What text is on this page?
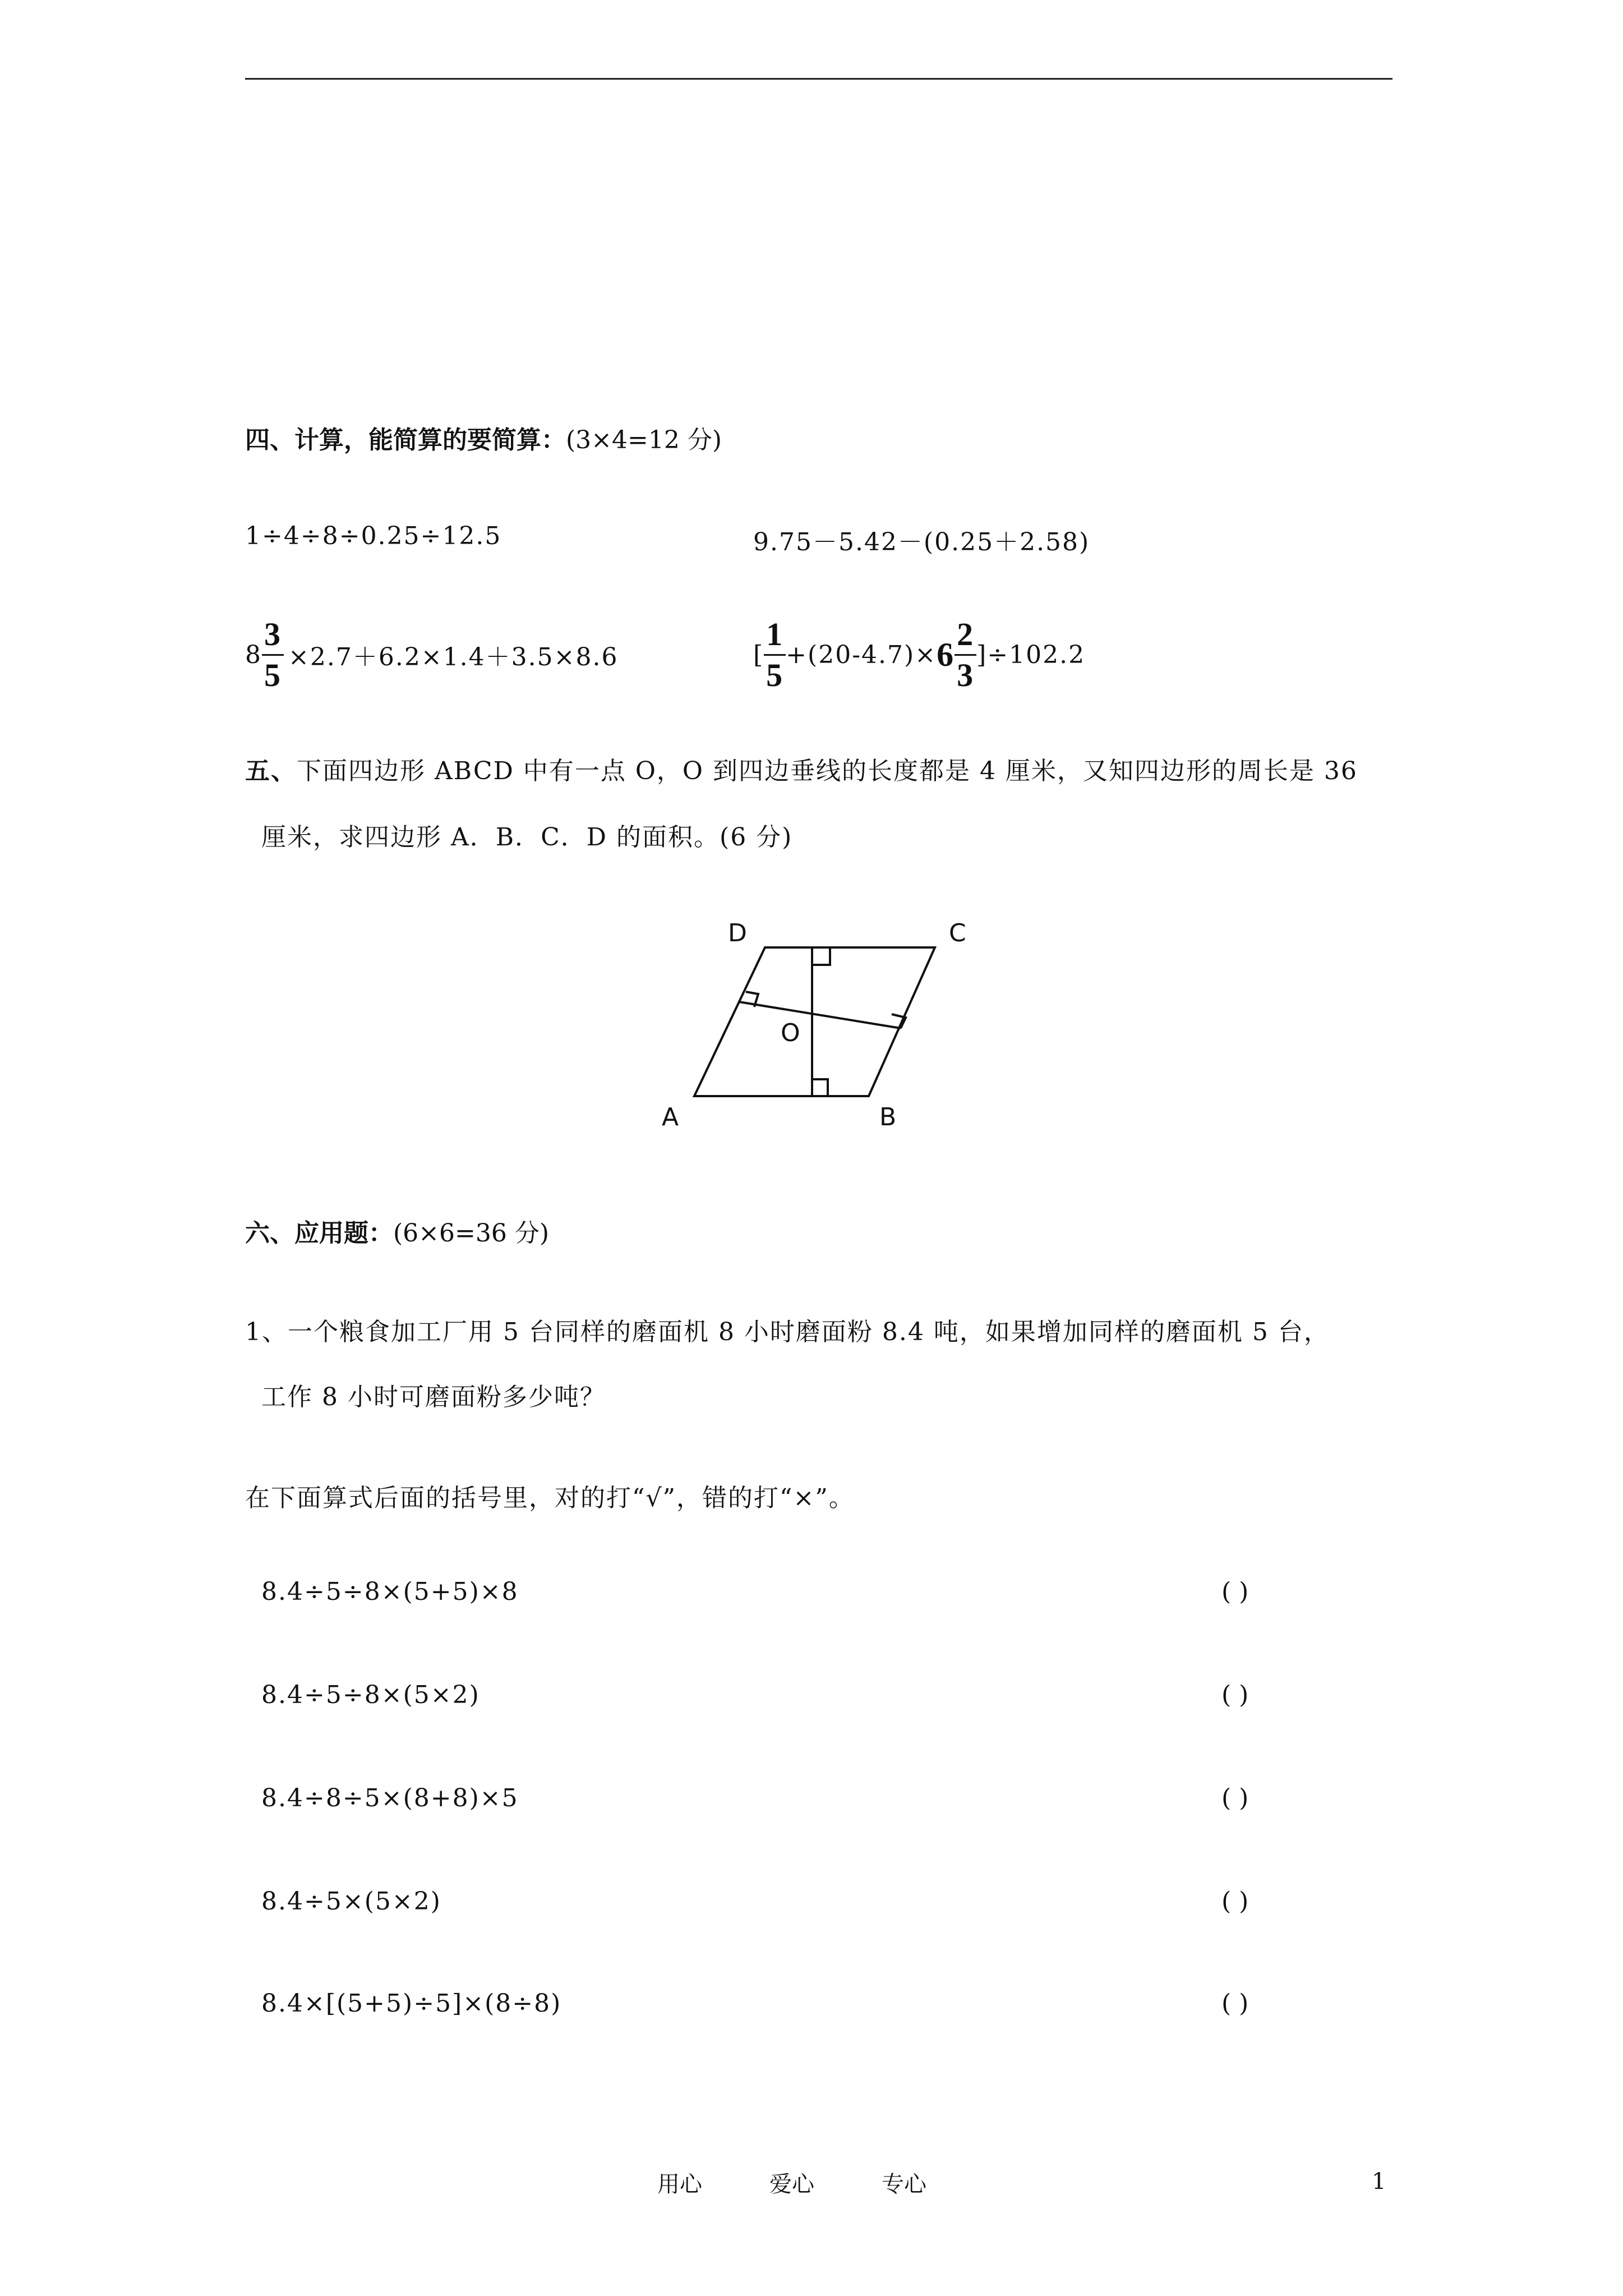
四、计算，能简算的要简算：(3×4=12 分)
1÷4÷8÷0.25÷12.5	9.75－5.42－(0.25＋2.58)
$8 \frac{3}{5} \times 2.7+6.2\times 1.4+3.5\times 8.6$	[ $\frac{1}{5} +(20-4.7)\times 6 \frac{2}{3} ]\div 102.2$
五、下面四边形 ABCD 中有一点 O，O 到四边垂线的长度都是 4 厘米，又知四边形的周长是 36
厘米，求四边形 A．B．C．D 的面积。(6 分)
D	C
O
A	B
六、应用题：(6×6=36 分)
1、一个粮食加工厂用 5 台同样的磨面机 8 小时磨面粉 8.4 吨，如果增加同样的磨面机 5 台，
工作 8 小时可磨面粉多少吨？
在下面算式后面的括号里，对的打“√”，错的打“×”。
8.4÷5÷8×(5+5)×8	( )
8.4÷5÷8×(5×2)	( )
8.4÷8÷5×(8+8)×5	( )
8.4÷5×(5×2)	( )
8.4×[(5+5)÷5]×(8÷8)	( )
用心	爱心	专心	1
